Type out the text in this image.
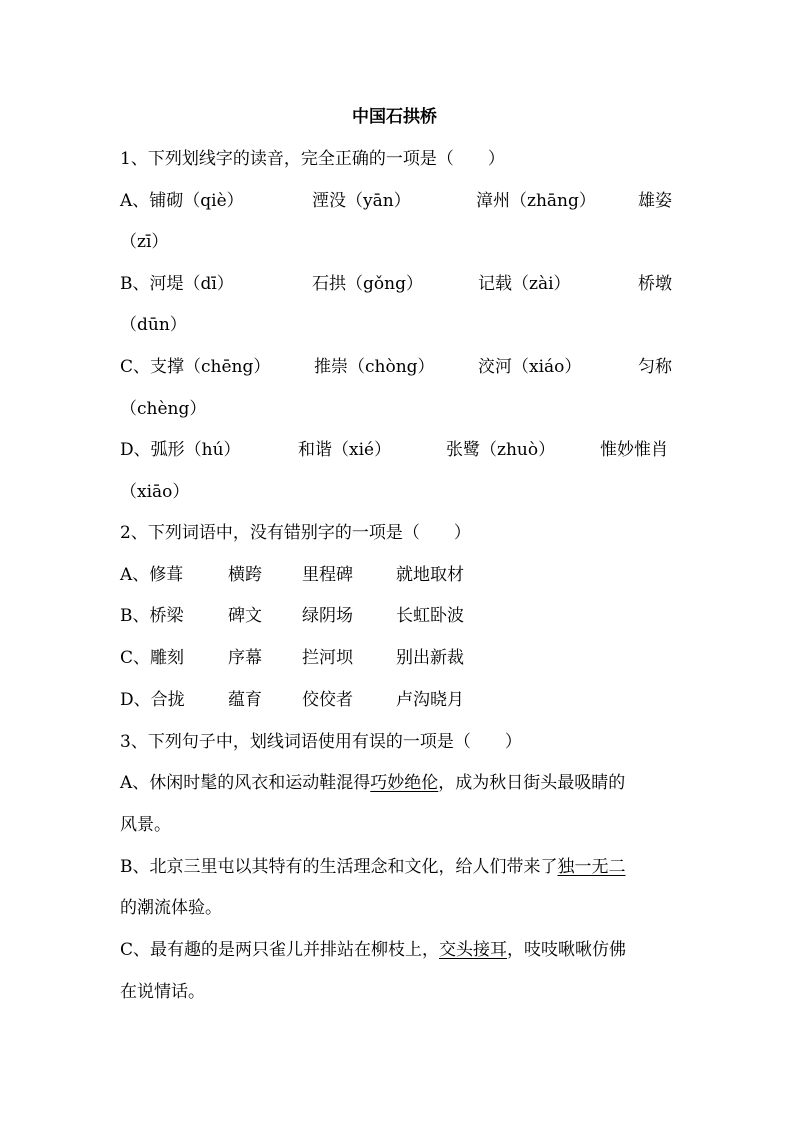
中国石拱桥
1、下列划线字的读音，完全正确的一项是（　　）
A、铺砌（qiè）	湮没（yān）	漳州（zhāng） 雄姿
（zī）
B、河堤（dī）	石拱（gǒng）	记载（zài）	桥墩
（dūn）
C、支撑（chēng）	推崇（chòng）	洨河（xiáo）	匀称
（chèng）
D、弧形（hú）	和谐（xié）	张鹭（zhuò）	惟妙惟肖
（xiāo）
2、下列词语中，没有错别字的一项是（　　）
A、修葺	横跨 里程碑	就地取材
B、桥梁	碑文 绿阴场	长虹卧波
C、雕刻	序幕 拦河坝	别出新裁
D、合拢	蕴育 佼佼者	卢沟晓月
3、下列句子中，划线词语使用有误的一项是（　　）
A、休闲时髦的风衣和运动鞋混得巧妙绝伦，成为秋日街头最吸睛的
风景。
B、北京三里屯以其特有的生活理念和文化，给人们带来了独一无二
的潮流体验。
C、最有趣的是两只雀儿并排站在柳枝上，交头接耳，吱吱啾啾仿佛
在说情话。
